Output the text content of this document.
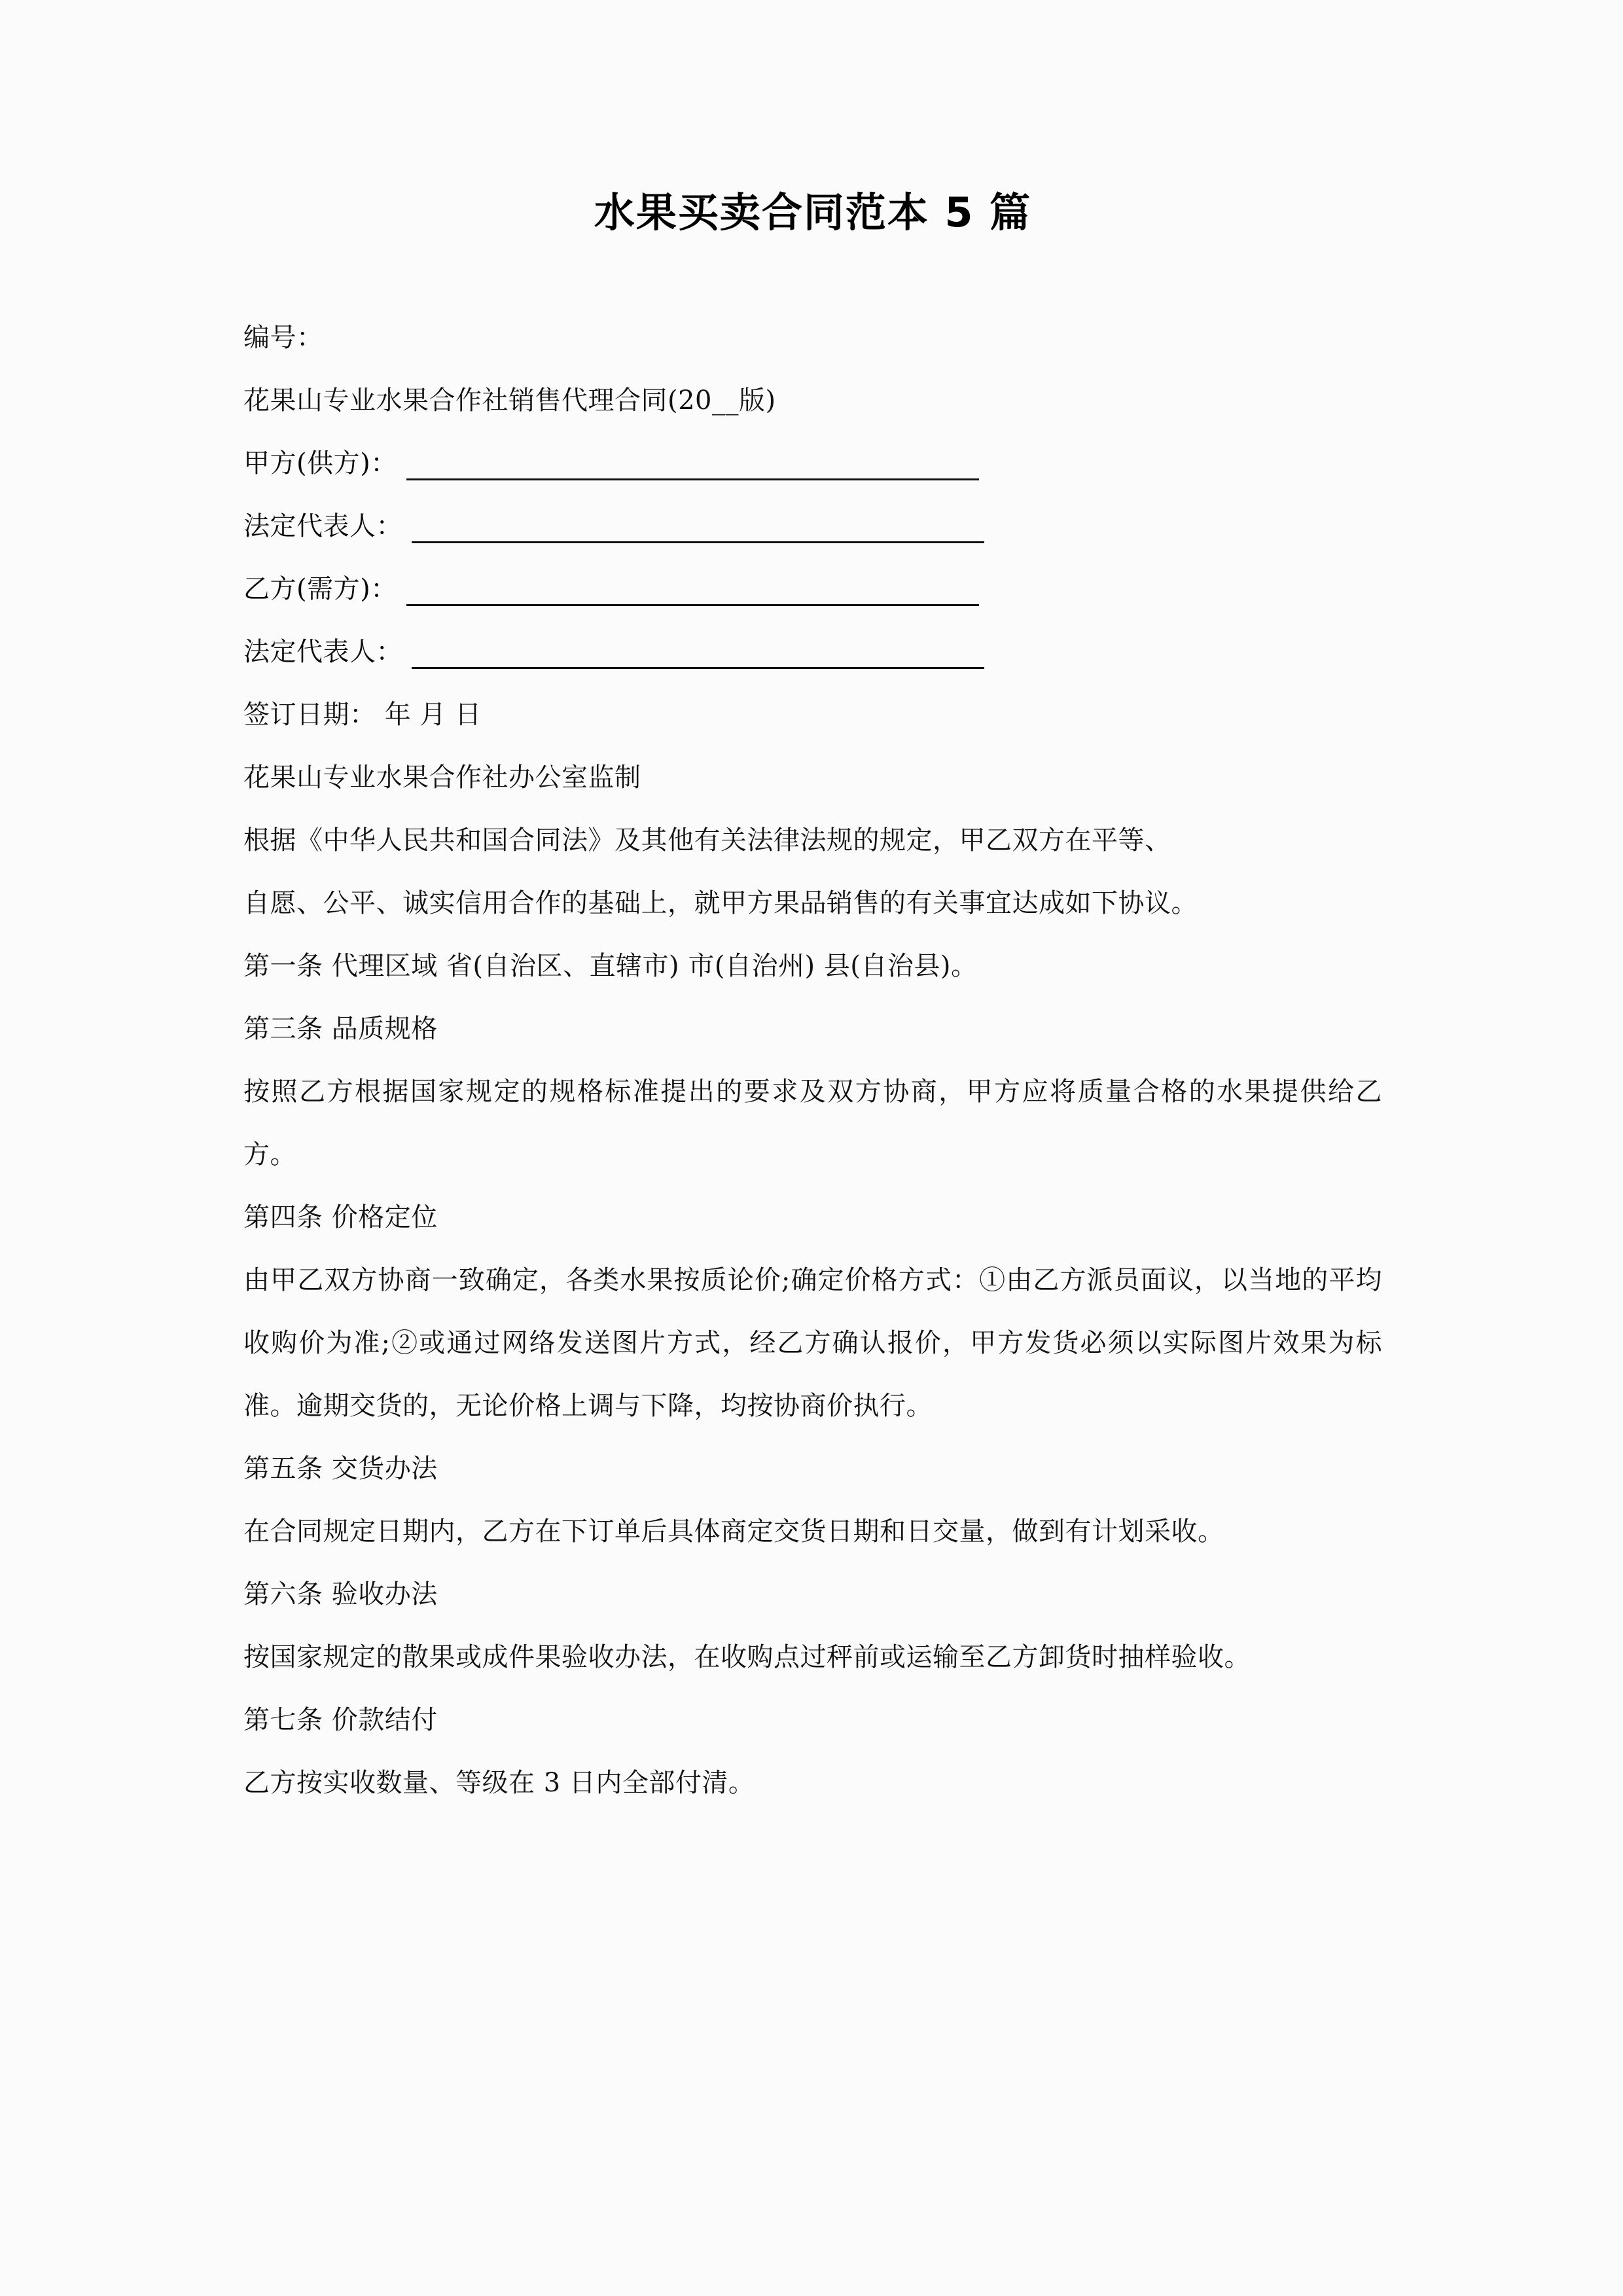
水果买卖合同范本 5 篇

编号：

花果山专业水果合作社销售代理合同(20__版)

甲方(供方)：
法定代表人：
乙方(需方)：
法定代表人：

签订日期： 年 月 日

花果山专业水果合作社办公室监制

根据《中华人民共和国合同法》及其他有关法律法规的规定，甲乙双方在平等、

自愿、公平、诚实信用合作的基础上，就甲方果品销售的有关事宜达成如下协议。

第一条 代理区域 省(自治区、直辖市) 市(自治州) 县(自治县)。

第三条 品质规格

按照乙方根据国家规定的规格标准提出的要求及双方协商，甲方应将质量合格的水果提供给乙方。

第四条 价格定位

由甲乙双方协商一致确定，各类水果按质论价;确定价格方式：①由乙方派员面议，以当地的平均收购价为准;②或通过网络发送图片方式，经乙方确认报价，甲方发货必须以实际图片效果为标准。逾期交货的，无论价格上调与下降，均按协商价执行。

第五条 交货办法

在合同规定日期内，乙方在下订单后具体商定交货日期和日交量，做到有计划采收。

第六条 验收办法

按国家规定的散果或成件果验收办法，在收购点过秤前或运输至乙方卸货时抽样验收。

第七条 价款结付

乙方按实收数量、等级在 3 日内全部付清。
